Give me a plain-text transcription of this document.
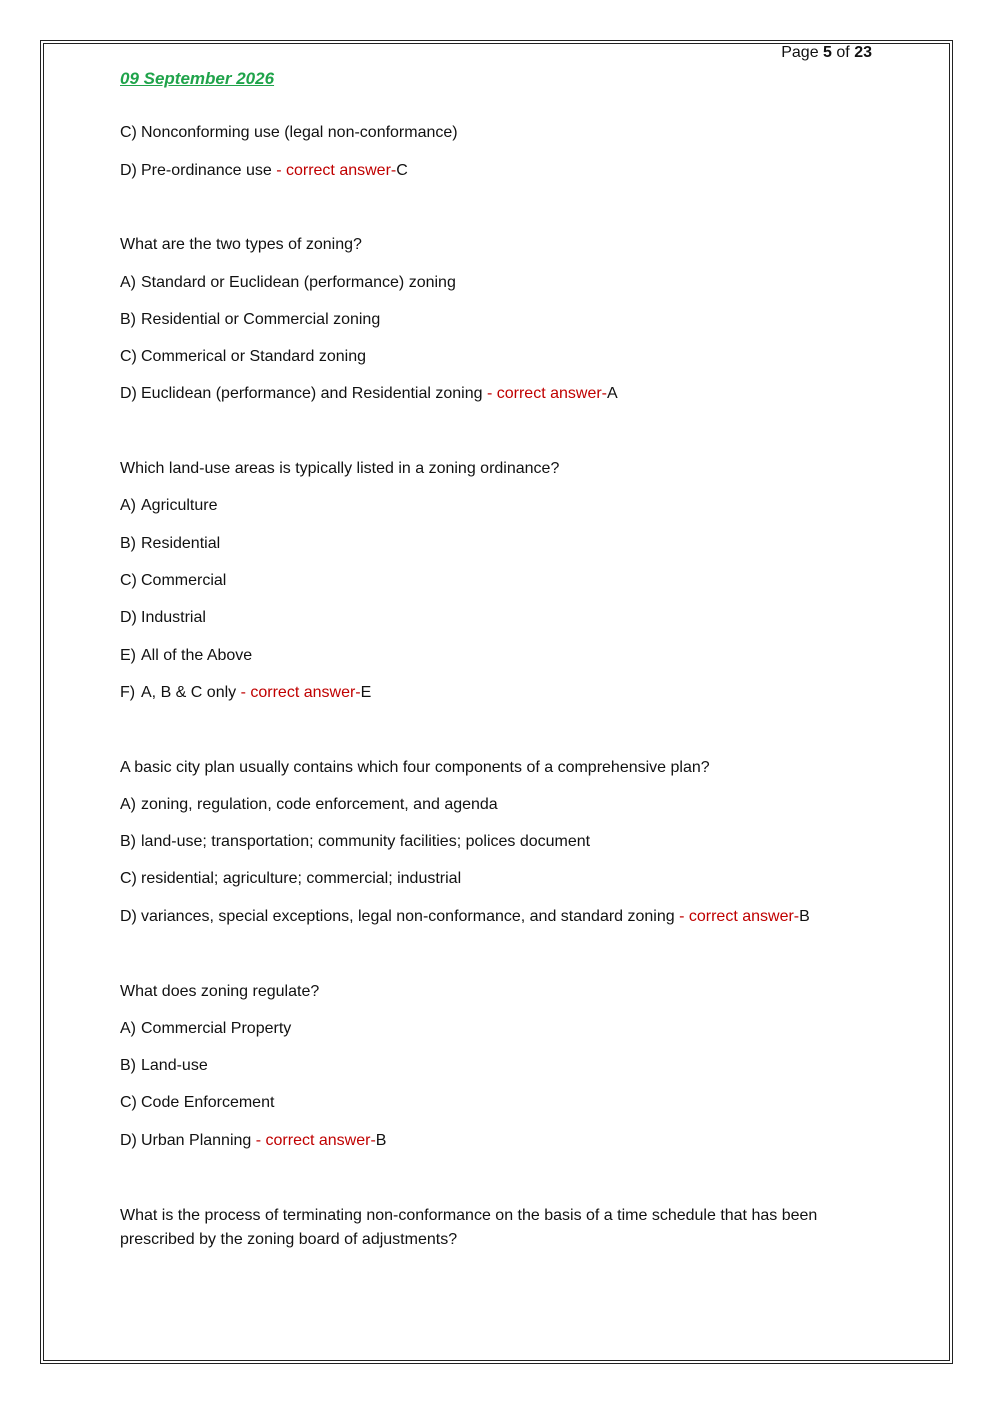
Page 5 of 23
09 September 2026
C) Nonconforming use (legal non-conformance)
D) Pre-ordinance use - correct answer-C
What are the two types of zoning?
A) Standard or Euclidean (performance) zoning
B) Residential or Commercial zoning
C) Commerical or Standard zoning
D) Euclidean (performance) and Residential zoning - correct answer-A
Which land-use areas is typically listed in a zoning ordinance?
A) Agriculture
B) Residential
C) Commercial
D) Industrial
E) All of the Above
F) A, B & C only - correct answer-E
A basic city plan usually contains which four components of a comprehensive plan?
A) zoning, regulation, code enforcement, and agenda
B) land-use; transportation; community facilities; polices document
C) residential; agriculture; commercial; industrial
D) variances, special exceptions, legal non-conformance, and standard zoning - correct answer-B
What does zoning regulate?
A) Commercial Property
B) Land-use
C) Code Enforcement
D) Urban Planning - correct answer-B
What is the process of terminating non-conformance on the basis of a time schedule that has been prescribed by the zoning board of adjustments?
